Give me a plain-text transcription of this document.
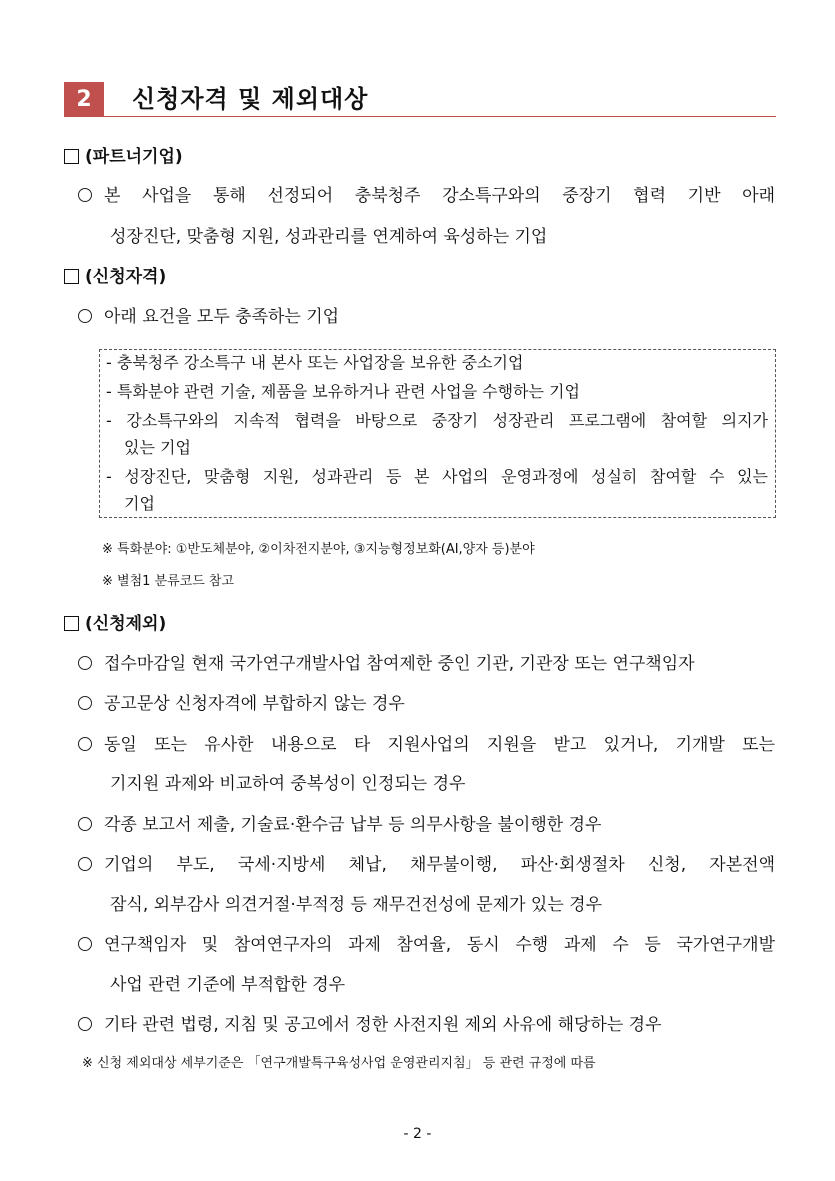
2	신청자격 및 제외대상
(파트너기업)
본 사업을 통해 선정되어 충북청주 강소특구와의 중장기 협력 기반 아래
성장진단, 맞춤형 지원, 성과관리를 연계하여 육성하는 기업
(신청자격)
아래 요건을 모두 충족하는 기업
- 충북청주 강소특구 내 본사 또는 사업장을 보유한 중소기업
- 특화분야 관련 기술, 제품을 보유하거나 관련 사업을 수행하는 기업
- 강소특구와의 지속적 협력을 바탕으로 중장기 성장관리 프로그램에 참여할 의지가
있는 기업
- 성장진단, 맞춤형 지원, 성과관리 등 본 사업의 운영과정에 성실히 참여할 수 있는
기업
※ 특화분야: ①반도체분야, ②이차전지분야, ③지능형정보화(AI,양자 등)분야
※ 별첨1 분류코드 참고
(신청제외)
접수마감일 현재 국가연구개발사업 참여제한 중인 기관, 기관장 또는 연구책임자
공고문상 신청자격에 부합하지 않는 경우
동일 또는 유사한 내용으로 타 지원사업의 지원을 받고 있거나, 기개발 또는
기지원 과제와 비교하여 중복성이 인정되는 경우
각종 보고서 제출, 기술료·환수금 납부 등 의무사항을 불이행한 경우
기업의 부도, 국세·지방세 체납, 채무불이행, 파산·회생절차 신청, 자본전액
잠식, 외부감사 의견거절·부적정 등 재무건전성에 문제가 있는 경우
연구책임자 및 참여연구자의 과제 참여율, 동시 수행 과제 수 등 국가연구개발
사업 관련 기준에 부적합한 경우
기타 관련 법령, 지침 및 공고에서 정한 사전지원 제외 사유에 해당하는 경우
※ 신청 제외대상 세부기준은 「연구개발특구육성사업 운영관리지침」 등 관련 규정에 따름
- 2 -
